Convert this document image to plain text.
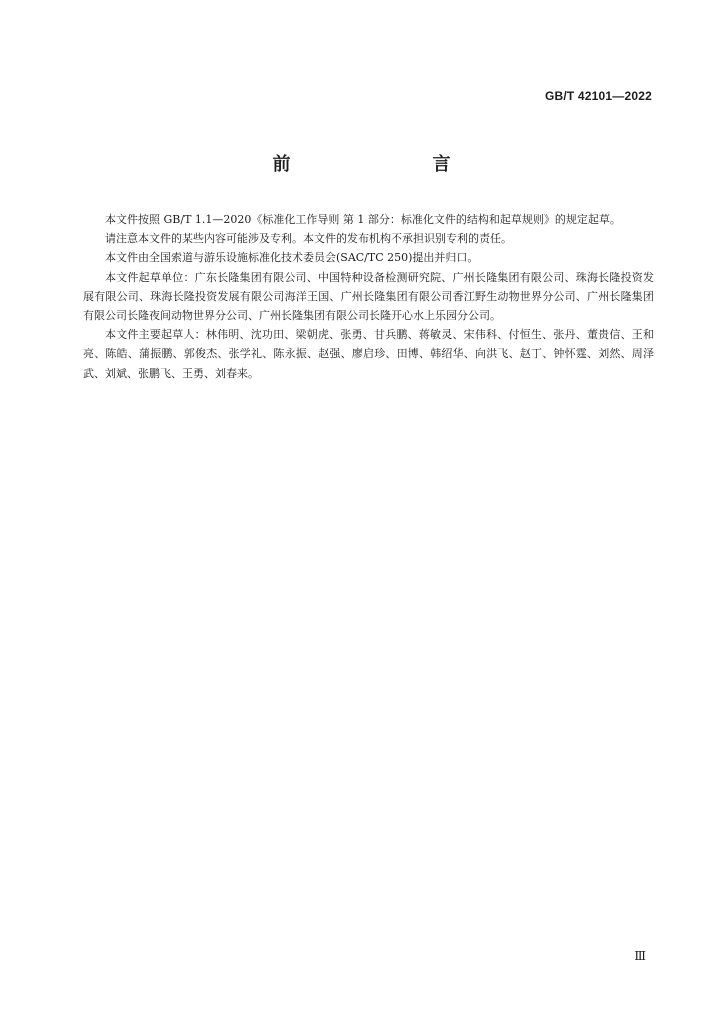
GB/T 42101—2022
前    言

本文件按照 GB/T 1.1—2020《标准化工作导则 第 1 部分：标准化文件的结构和起草规则》的规定起草。

请注意本文件的某些内容可能涉及专利。本文件的发布机构不承担识别专利的责任。

本文件由全国索道与游乐设施标准化技术委员会(SAC/TC 250)提出并归口。

本文件起草单位：广东长隆集团有限公司、中国特种设备检测研究院、广州长隆集团有限公司、珠海长隆投资发展有限公司、珠海长隆投资发展有限公司海洋王国、广州长隆集团有限公司香江野生动物世界分公司、广州长隆集团有限公司长隆夜间动物世界分公司、广州长隆集团有限公司长隆开心水上乐园分公司。

本文件主要起草人：林伟明、沈功田、梁朝虎、张勇、甘兵鹏、蒋敏灵、宋伟科、付恒生、张丹、董贵信、王和亮、陈皓、蒲振鹏、郭俊杰、张学礼、陈永振、赵强、廖启珍、田博、韩绍华、向洪飞、赵丁、钟怀霆、刘然、周泽武、刘斌、张鹏飞、王勇、刘春来。

Ⅲ
